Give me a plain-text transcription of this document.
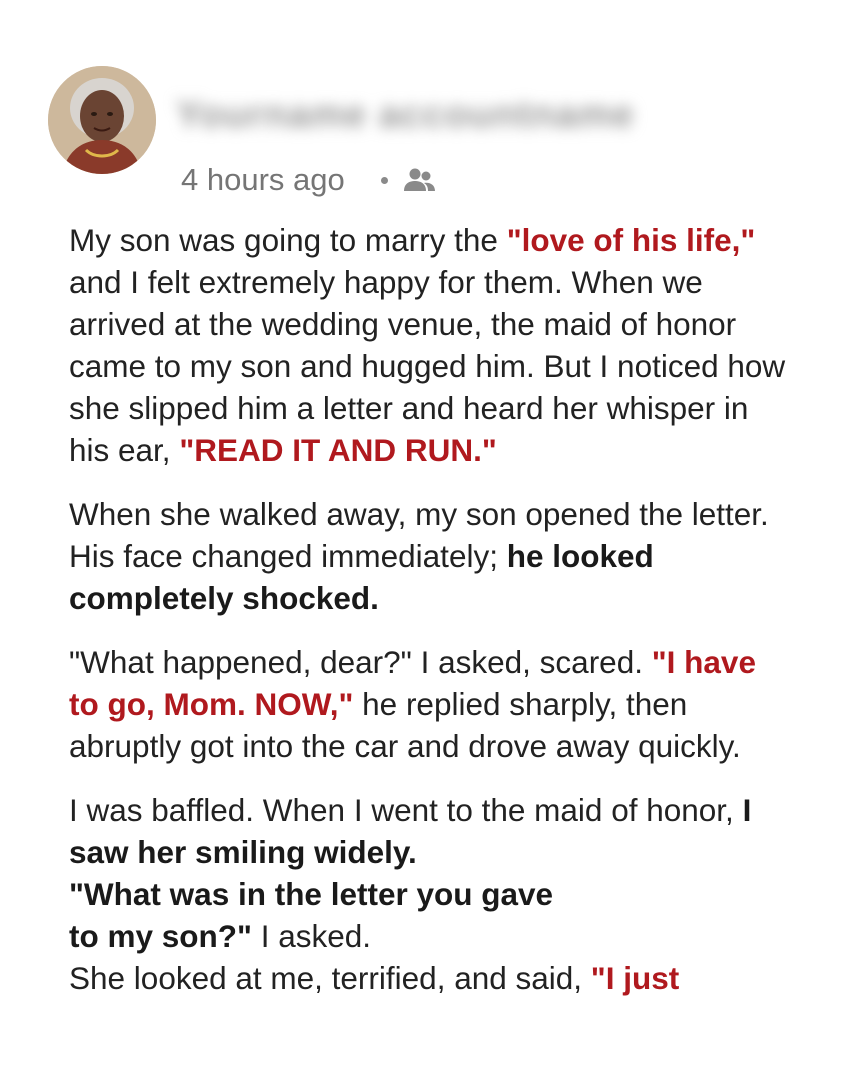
Yourname accountname
4 hours ago

My son was going to marry the "love of his life," and I felt extremely happy for them. When we arrived at the wedding venue, the maid of honor came to my son and hugged him. But I noticed how she slipped him a letter and heard her whisper in his ear, "READ IT AND RUN."

When she walked away, my son opened the letter. His face changed immediately; he looked completely shocked.

"What happened, dear?" I asked, scared. "I have to go, Mom. NOW," he replied sharply, then abruptly got into the car and drove away quickly.

I was baffled. When I went to the maid of honor, I saw her smiling widely.
"What was in the letter you gave
to my son?" I asked.
She looked at me, terrified, and said, "I just
